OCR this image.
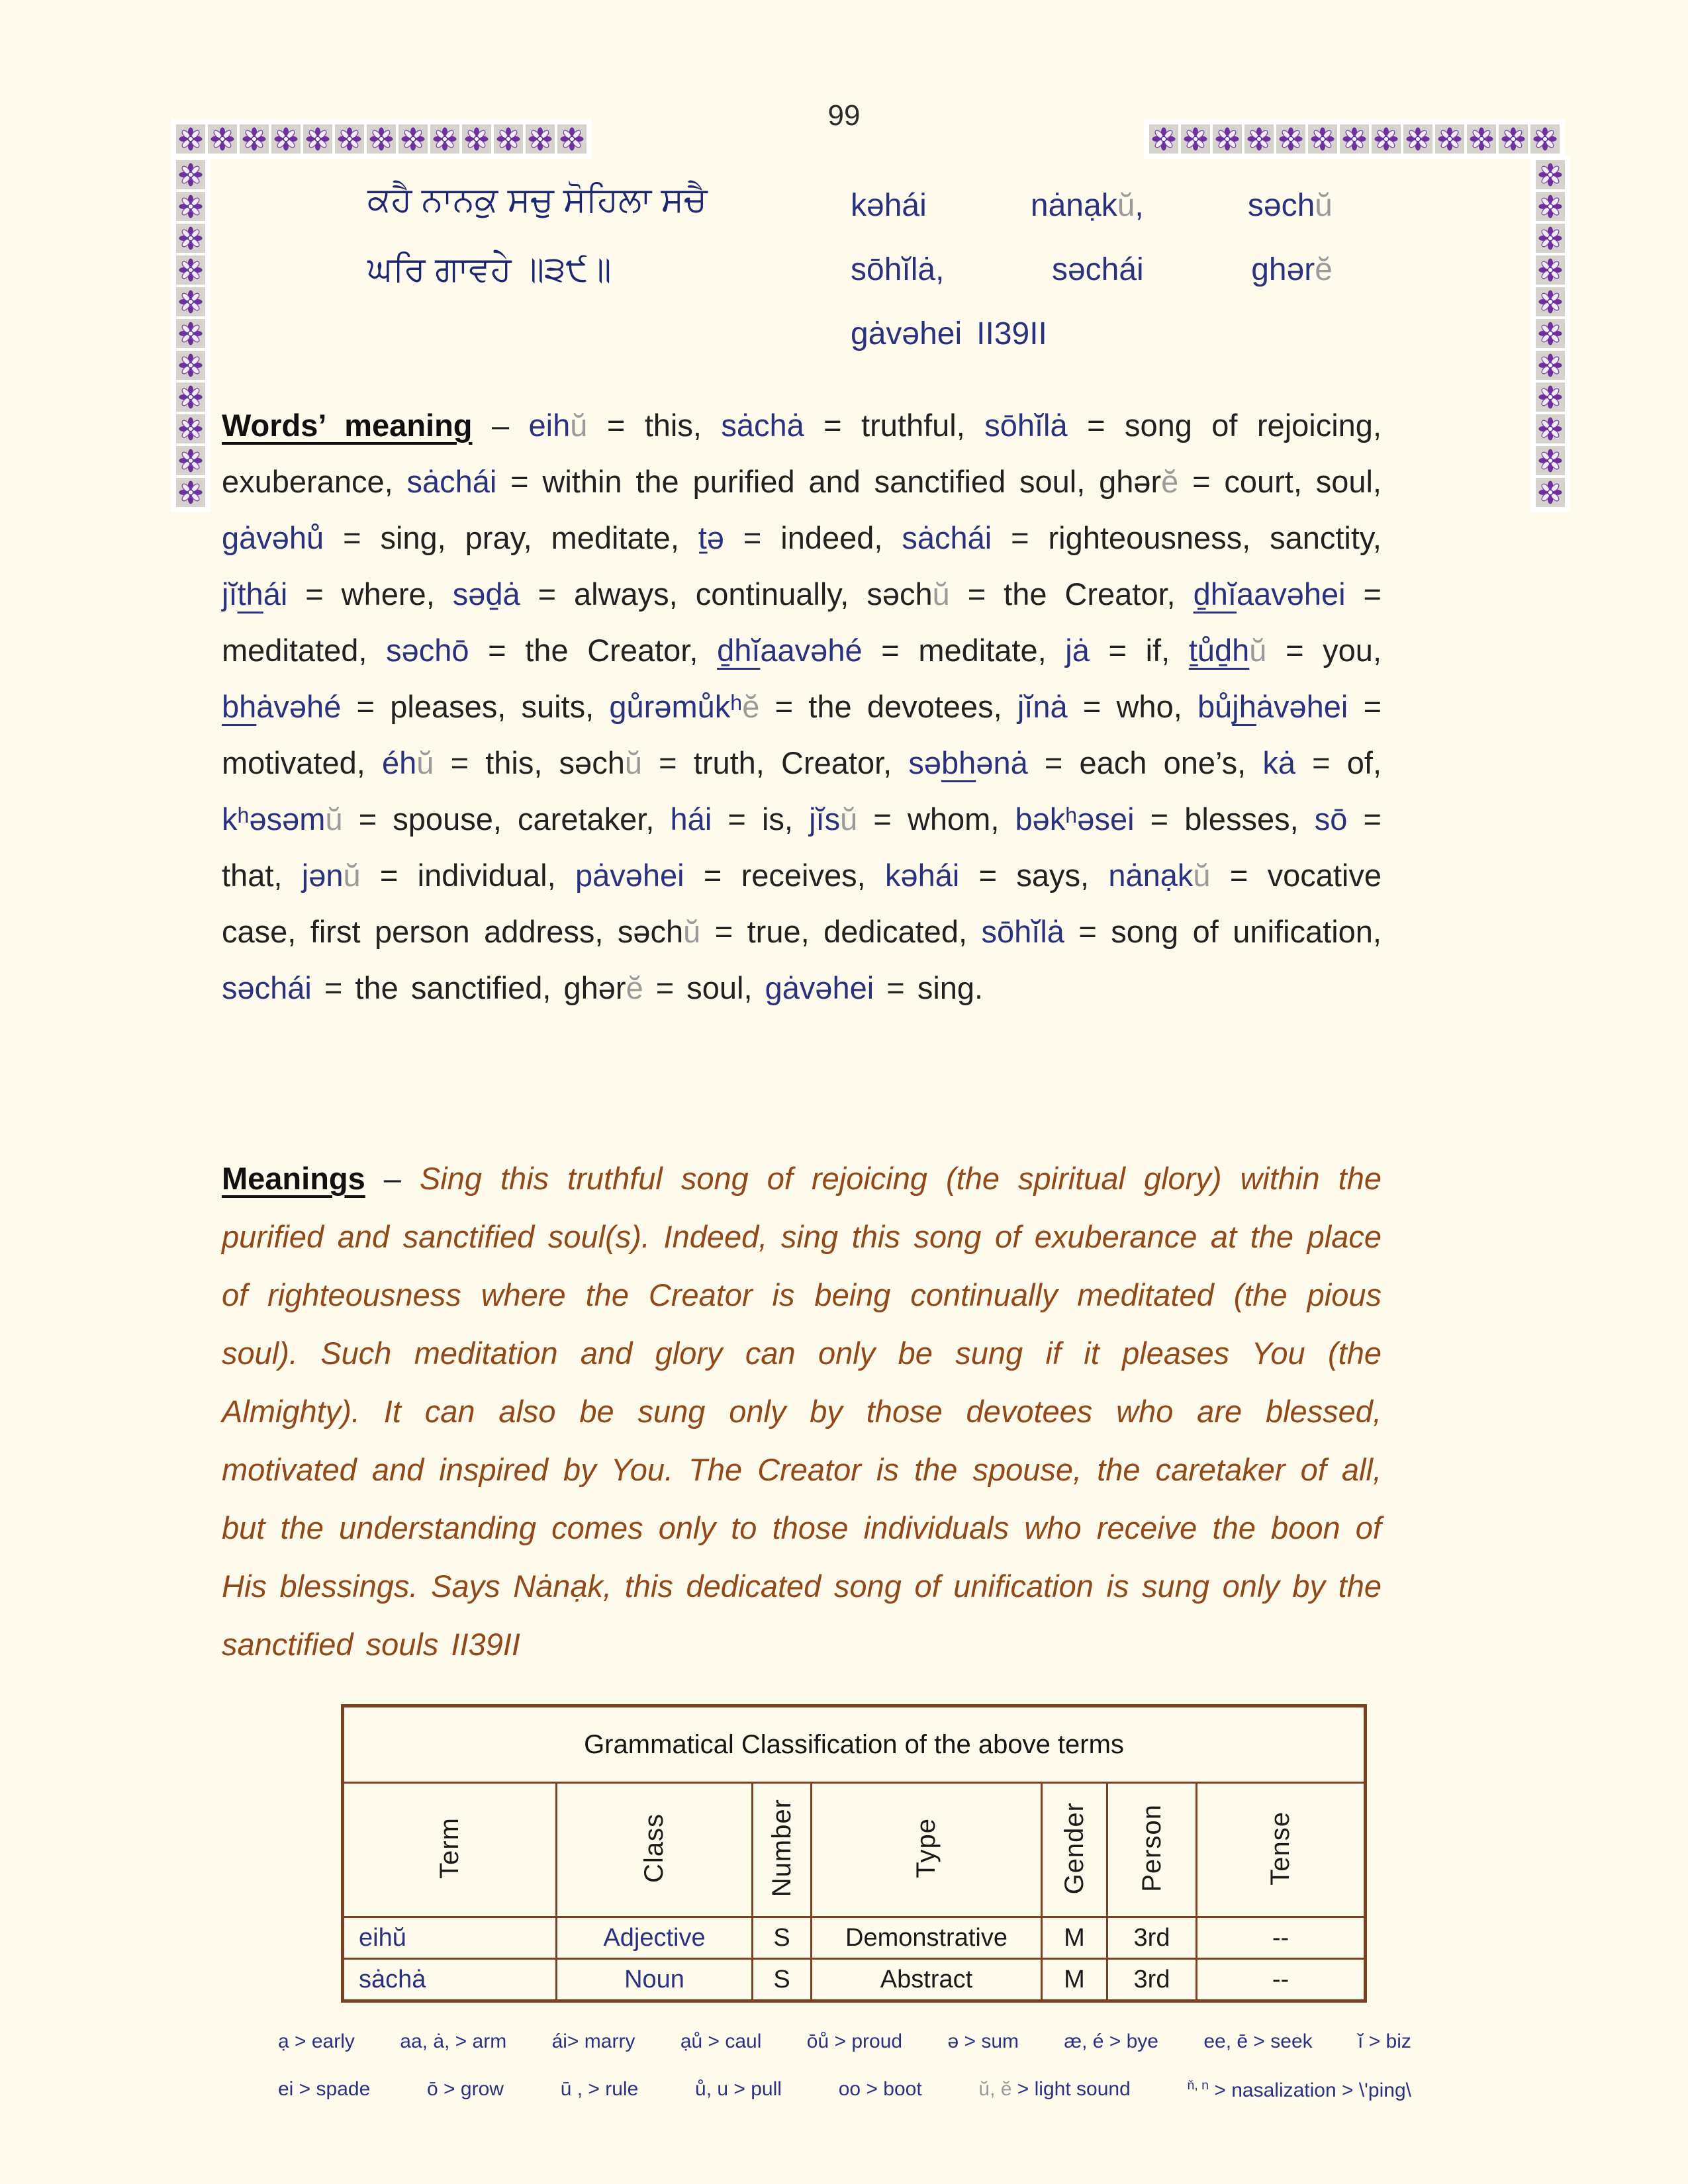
99
ਕਹੈ ਨਾਨਕੁ ਸਚੁ ਸੋਹਿਲਾ ਸਚੈ
ਘਰਿ ਗਾਵਹੇ ॥੩੯॥
kəhái	nȧnạkŭ,	səchŭ
sōhĭlȧ,	səchái	ghərĕ
gȧvəhei II39II
Words’ meaning – eihŭ = this, sȧchȧ = truthful, sōhĭlȧ = song of rejoicing, exuberance, sȧchái = within the purified and sanctified soul, ghərĕ = court, soul, gȧvəhů = sing, pray, meditate, ṯə = indeed, sȧchái = righteousness, sanctity, jĭthái = where, səḏȧ = always, continually, səchŭ = the Creator, ḏhĭaavəhei = meditated, səchō = the Creator, ḏhĭaavəhé = meditate, jȧ = if, ṯůḏhŭ = you, bhȧvəhé = pleases, suits, gůrəmůkʰĕ = the devotees, jĭnȧ = who, bůjhȧvəhei = motivated, éhŭ = this, səchŭ = truth, Creator, səbhənȧ = each one’s, kȧ = of, kʰəsəmŭ = spouse, caretaker, hái = is, jĭsŭ = whom, bəkʰəsei = blesses, sō = that, jənŭ = individual, pȧvəhei = receives, kəhái = says, nȧnạkŭ = vocative case, first person address, səchŭ = true, dedicated, sōhĭlȧ = song of unification, səchái = the sanctified, ghərĕ = soul, gȧvəhei = sing.
Meanings – Sing this truthful song of rejoicing (the spiritual glory) within the purified and sanctified soul(s). Indeed, sing this song of exuberance at the place of righteousness where the Creator is being continually meditated (the pious soul). Such meditation and glory can only be sung if it pleases You (the Almighty). It can also be sung only by those devotees who are blessed, motivated and inspired by You. The Creator is the spouse, the caretaker of all, but the understanding comes only to those individuals who receive the boon of His blessings. Says Nȧnạk, this dedicated song of unification is sung only by the sanctified souls II39II
Grammatical Classification of the above terms						
Term	Class	Number	Type	Gender	Person	Tense
eihŭ	Adjective	S	Demonstrative	M	3rd	--
sȧchȧ	Noun	S	Abstract	M	3rd	--
ạ > early aa, ȧ, > arm ái> marry ạů > caul ōů > proud ə > sum æ, é > bye ee, ē > seek ĭ > biz
ei > spade	ō > grow	ū , > rule	ů, u > pull	oo > boot	ŭ, ĕ > light sound	$^{ň, n}$ > nasalization > \'ping\
